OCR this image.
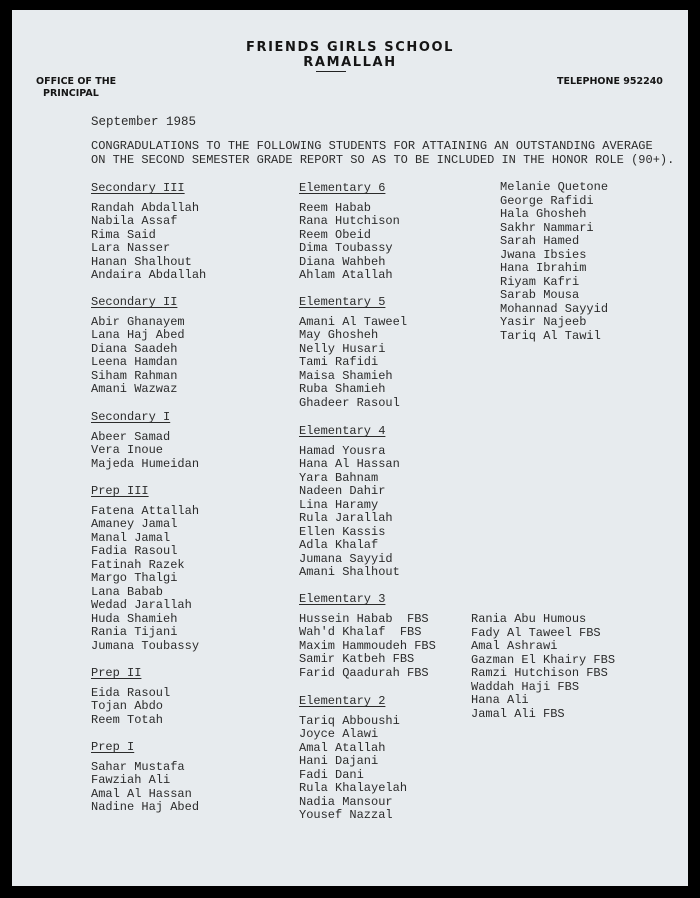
FRIENDS GIRLS SCHOOL
RAMALLAH
OFFICE OF THE
PRINCIPAL
TELEPHONE 952240
September 1985
CONGRADULATIONS TO THE FOLLOWING STUDENTS FOR ATTAINING AN OUTSTANDING AVERAGE
ON THE SECOND SEMESTER GRADE REPORT SO AS TO BE INCLUDED IN THE HONOR ROLE (90+).
Secondary III
Randah Abdallah
Nabila Assaf
Rima Said
Lara Nasser
Hanan Shalhout
Andaira Abdallah
Secondary II
Abir Ghanayem
Lana Haj Abed
Diana Saadeh
Leena Hamdan
Siham Rahman
Amani Wazwaz
Secondary I
Abeer Samad
Vera Inoue
Majeda Humeidan
Prep III
Fatena Attallah
Amaney Jamal
Manal Jamal
Fadia Rasoul
Fatinah Razek
Margo Thalgi
Lana Babab
Wedad Jarallah
Huda Shamieh
Rania Tijani
Jumana Toubassy
Prep II
Eida Rasoul
Tojan Abdo
Reem Totah
Prep I
Sahar Mustafa
Fawziah Ali
Amal Al Hassan
Nadine Haj Abed
Elementary 6
Reem Habab
Rana Hutchison
Reem Obeid
Dima Toubassy
Diana Wahbeh
Ahlam Atallah
Elementary 5
Amani Al Taweel
May Ghosheh
Nelly Husari
Tami Rafidi
Maisa Shamieh
Ruba Shamieh
Ghadeer Rasoul
Elementary 4
Hamad Yousra
Hana Al Hassan
Yara Bahnam
Nadeen Dahir
Lina Haramy
Rula Jarallah
Ellen Kassis
Adla Khalaf
Jumana Sayyid
Amani Shalhout
Elementary 3
Hussein Habab  FBS
Wah'd Khalaf  FBS
Maxim Hammoudeh FBS
Samir Katbeh FBS
Farid Qaadurah FBS
Elementary 2
Tariq Abboushi
Joyce Alawi
Amal Atallah
Hani Dajani
Fadi Dani
Rula Khalayelah
Nadia Mansour
Yousef Nazzal
Melanie Quetone
George Rafidi
Hala Ghosheh
Sakhr Nammari
Sarah Hamed
Jwana Ibsies
Hana Ibrahim
Riyam Kafri
Sarab Mousa
Mohannad Sayyid
Yasir Najeeb
Tariq Al Tawil
Rania Abu Humous
Fady Al Taweel FBS
Amal Ashrawi
Gazman El Khairy FBS
Ramzi Hutchison FBS
Waddah Haji FBS
Hana Ali
Jamal Ali FBS
